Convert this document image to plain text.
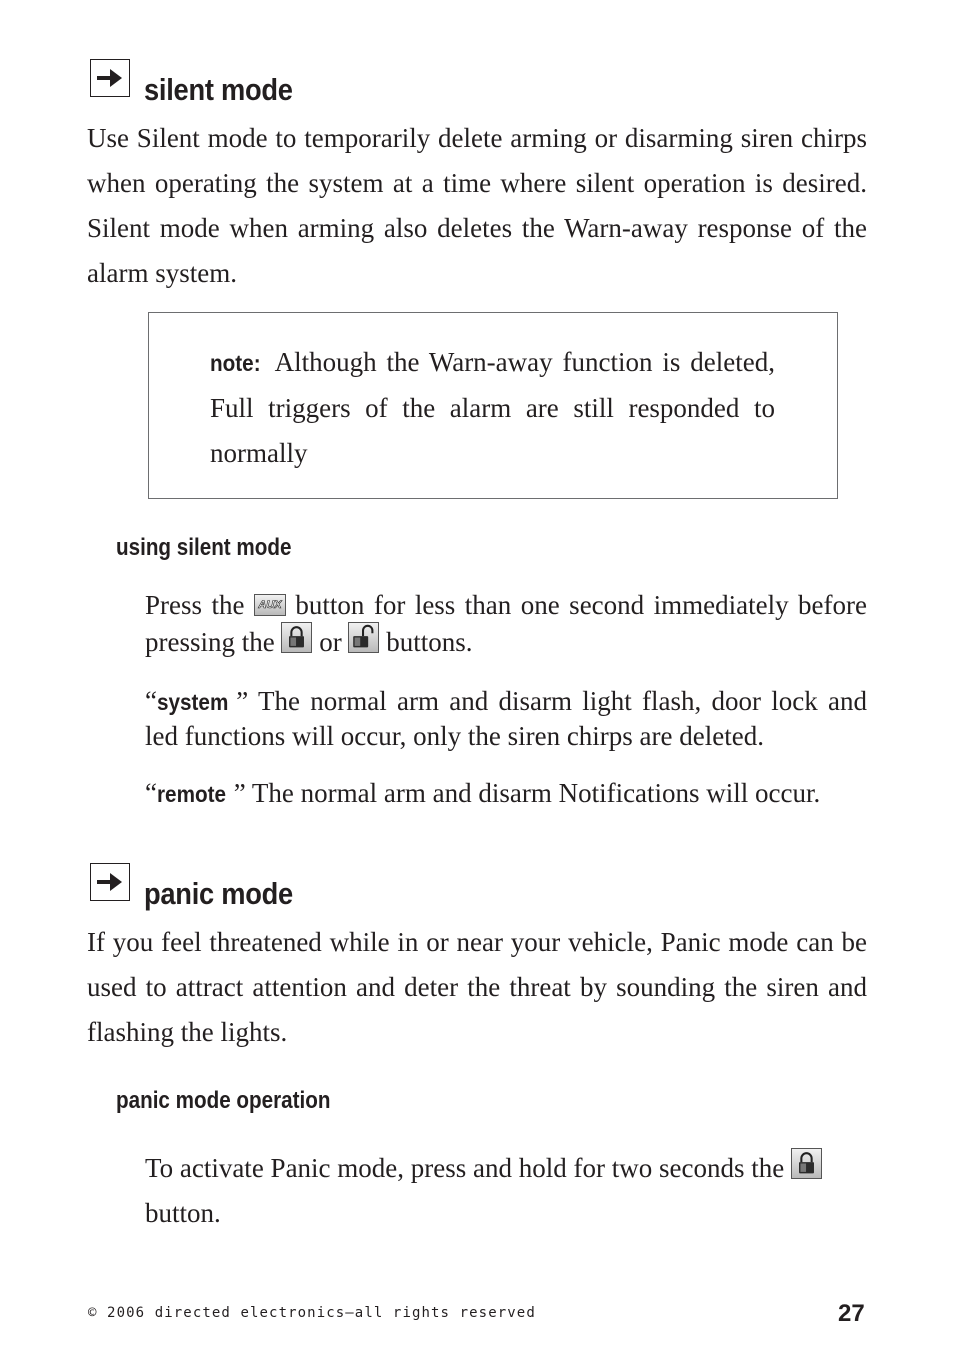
silent mode

Use Silent mode to temporarily delete arming or disarming siren chirps when operating the system at a time where silent operation is desired. Silent mode when arming also deletes the Warn-away response of the alarm system.

note: Although the Warn-away function is deleted, Full triggers of the alarm are still responded to normally

using silent mode

Press the AUX button for less than one second immediately before pressing the
or
buttons.

“system ” The normal arm and disarm light flash, door lock and led functions will occur, only the siren chirps are deleted.

“remote ” The normal arm and disarm Notifications will occur.

panic mode

If you feel threatened while in or near your vehicle, Panic mode can be used to attract attention and deter the threat by sounding the siren and flashing the lights.

panic mode operation

To activate Panic mode, press and hold for two seconds the

button.

© 2006 directed electronics—all rights reserved	27
